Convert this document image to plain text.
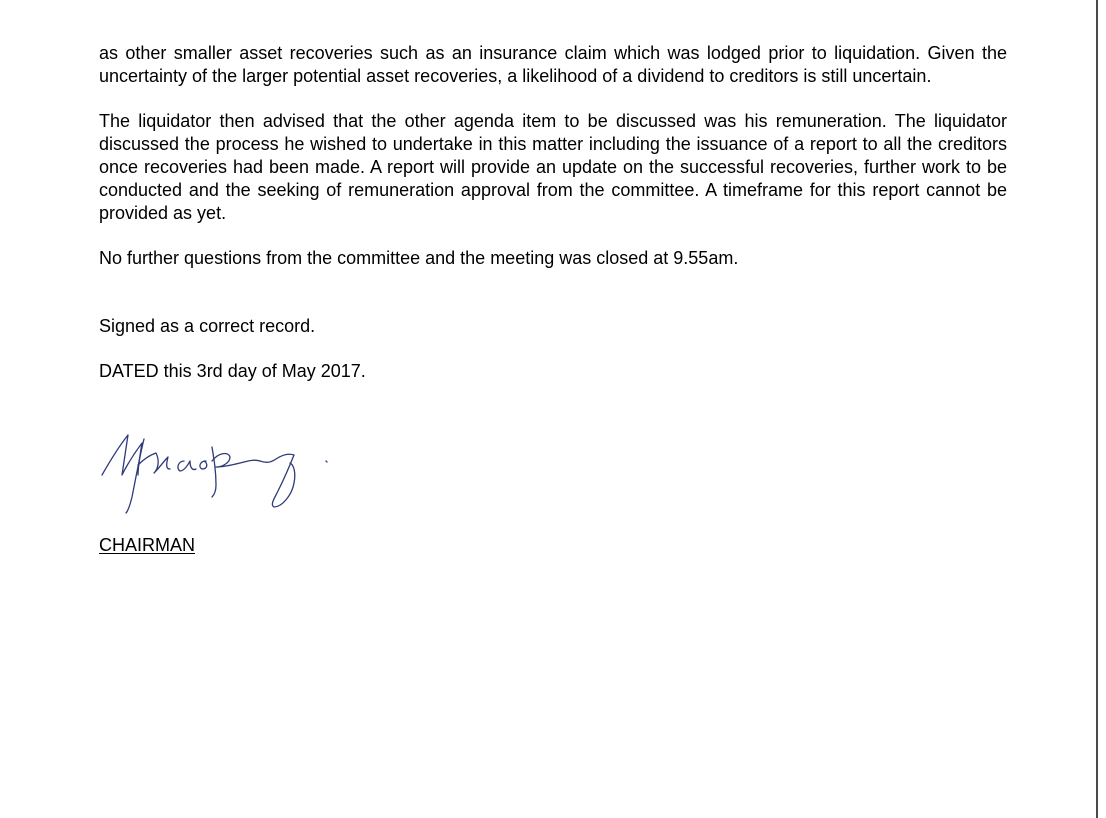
as other smaller asset recoveries such as an insurance claim which was lodged prior to liquidation. Given the uncertainty of the larger potential asset recoveries, a likelihood of a dividend to creditors is still uncertain.

The liquidator then advised that the other agenda item to be discussed was his remuneration. The liquidator discussed the process he wished to undertake in this matter including the issuance of a report to all the creditors once recoveries had been made. A report will provide an update on the successful recoveries, further work to be conducted and the seeking of remuneration approval from the committee. A timeframe for this report cannot be provided as yet.

No further questions from the committee and the meeting was closed at 9.55am.

Signed as a correct record.

DATED this 3rd day of May 2017.

CHAIRMAN
